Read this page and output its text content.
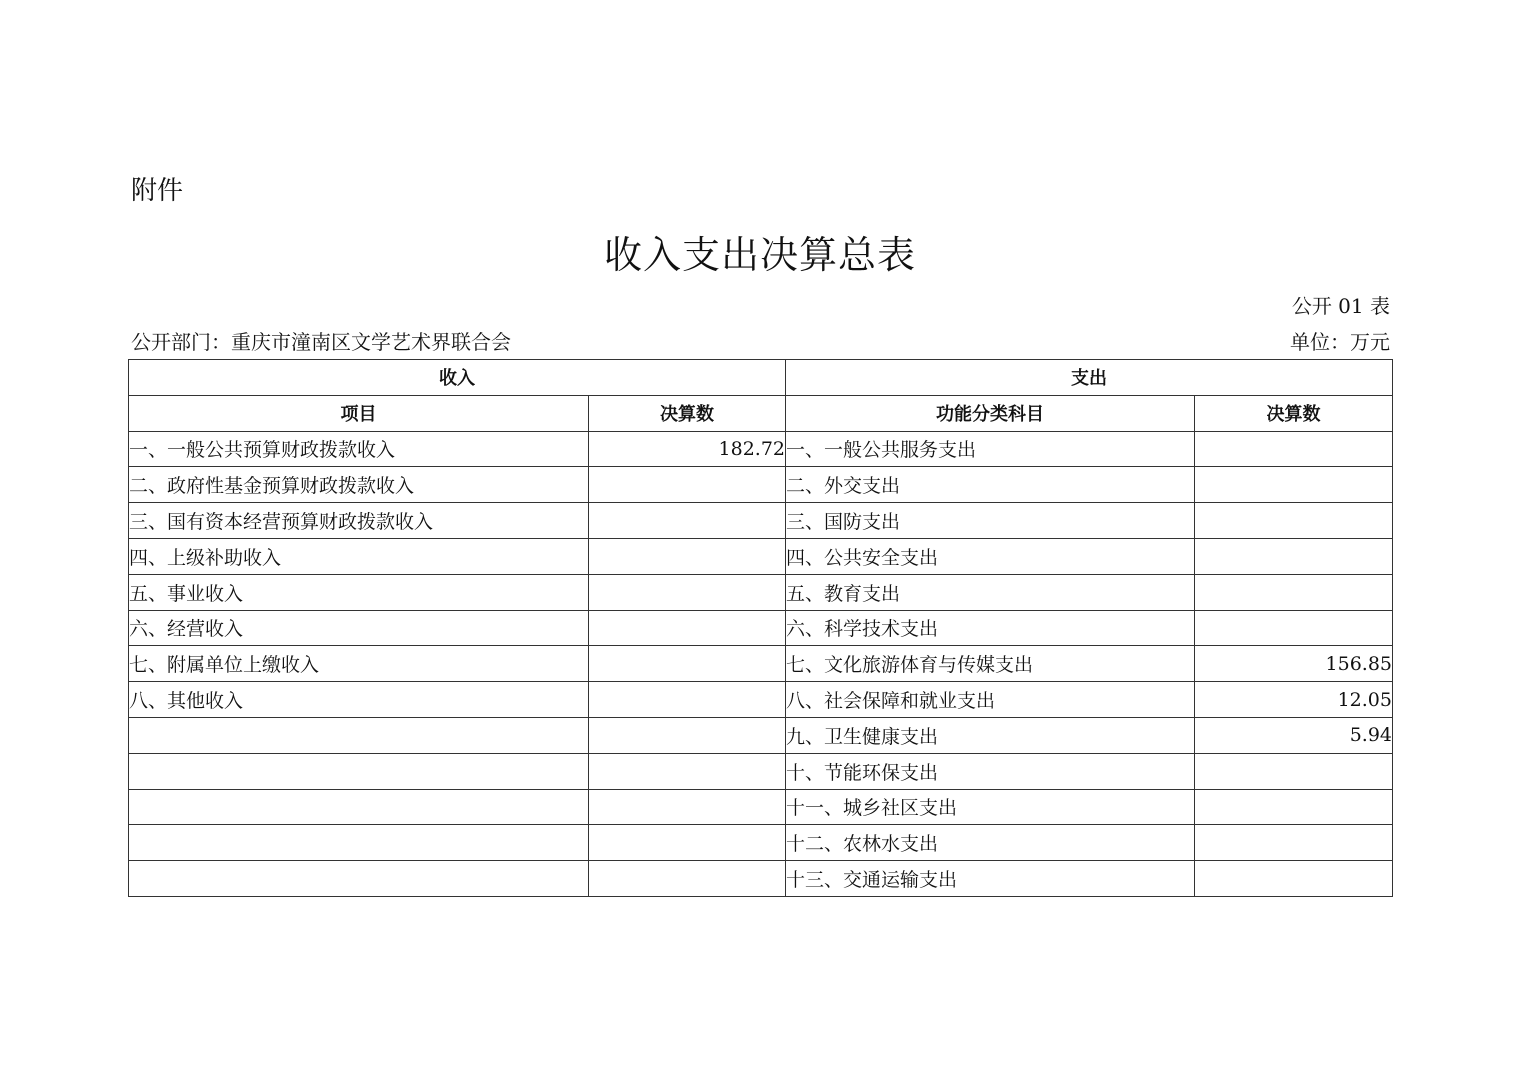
附件
收入支出决算总表
公开 01 表
公开部门：重庆市潼南区文学艺术界联合会	单位：万元
收入		支出	
项目	决算数	功能分类科目	决算数
一、一般公共预算财政拨款收入	182.72	一、一般公共服务支出	
二、政府性基金预算财政拨款收入		二、外交支出	
三、国有资本经营预算财政拨款收入		三、国防支出	
四、上级补助收入		四、公共安全支出	
五、事业收入		五、教育支出	
六、经营收入		六、科学技术支出	
七、附属单位上缴收入		七、文化旅游体育与传媒支出	156.85
八、其他收入		八、社会保障和就业支出	12.05
		九、卫生健康支出	5.94
		十、节能环保支出	
		十一、城乡社区支出	
		十二、农林水支出	
		十三、交通运输支出	
